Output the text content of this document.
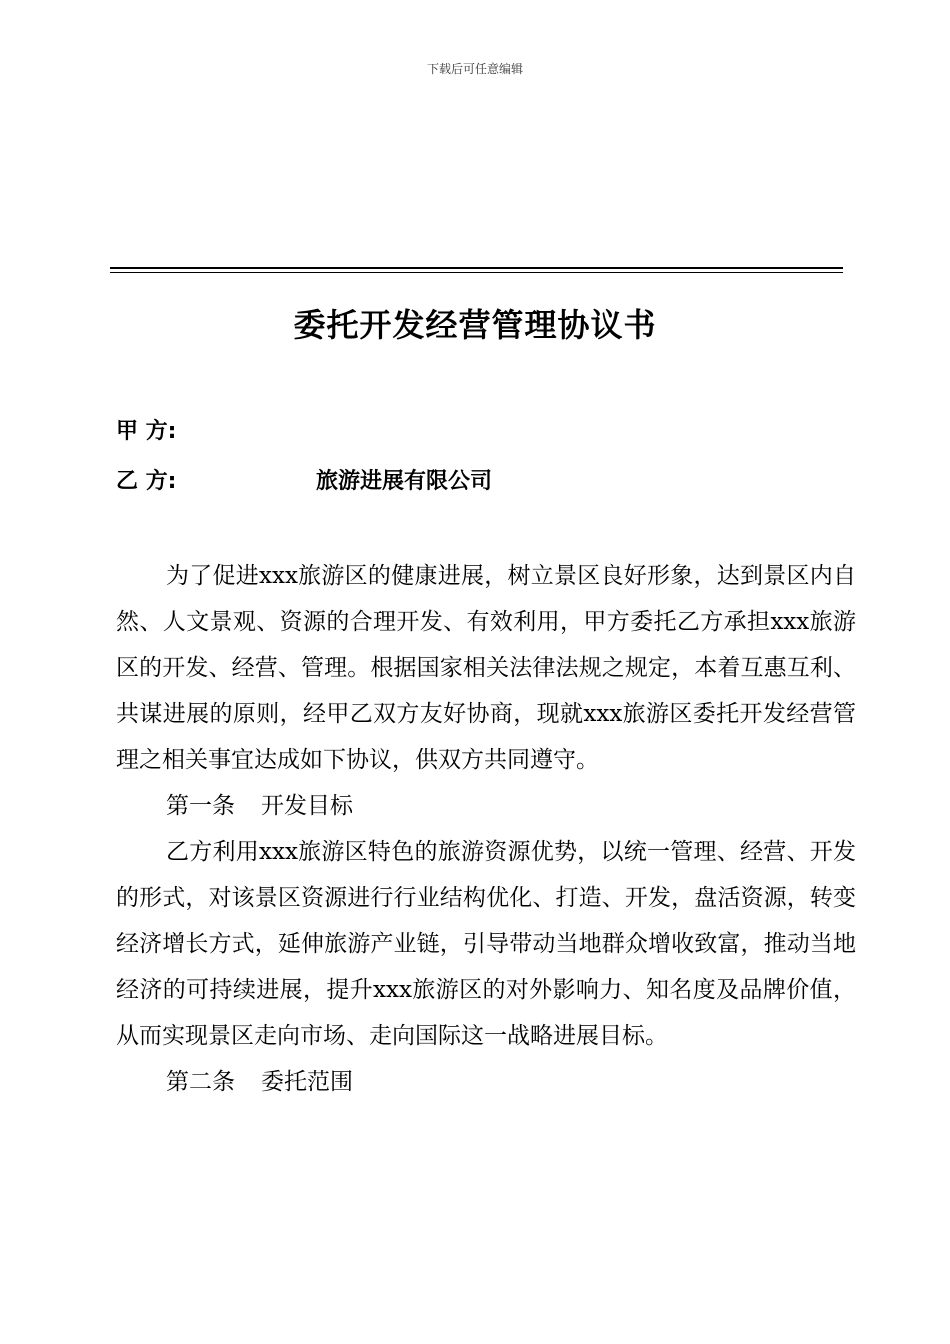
下载后可任意编辑
委托开发经营管理协议书
甲 方:
乙 方:	旅游进展有限公司

为了促进xxx旅游区的健康进展，树立景区良好形象，达到景区内自然、人文景观、资源的合理开发、有效利用，甲方委托乙方承担xxx旅游区的开发、经营、管理。根据国家相关法律法规之规定，本着互惠互利、共谋进展的原则，经甲乙双方友好协商，现就xxx旅游区委托开发经营管理之相关事宜达成如下协议，供双方共同遵守。

第一条 开发目标

乙方利用xxx旅游区特色的旅游资源优势，以统一管理、经营、开发的形式，对该景区资源进行行业结构优化、打造、开发，盘活资源，转变经济增长方式，延伸旅游产业链，引导带动当地群众增收致富，推动当地经济的可持续进展，提升xxx旅游区的对外影响力、知名度及品牌价值，从而实现景区走向市场、走向国际这一战略进展目标。

第二条 委托范围
